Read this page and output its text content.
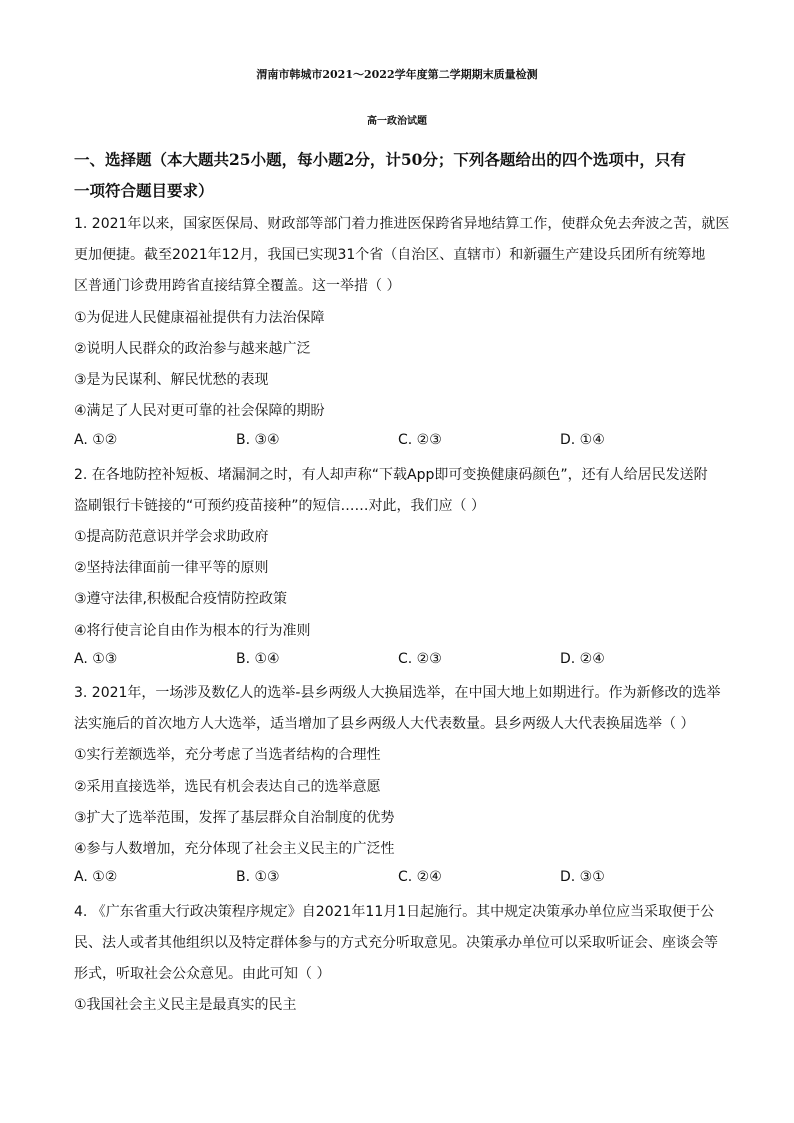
渭南市韩城市2021～2022学年度第二学期期末质量检测
高一政治试题
一、选择题（本大题共25小题，每小题2分，计50分；下列各题给出的四个选项中，只有
一项符合题目要求）
1. 2021年以来，国家医保局、财政部等部门着力推进医保跨省异地结算工作，使群众免去奔波之苦，就医
更加便捷。截至2021年12月，我国已实现31个省（自治区、直辖市）和新疆生产建设兵团所有统筹地
区普通门诊费用跨省直接结算全覆盖。这一举措（ ）
①为促进人民健康福祉提供有力法治保障
②说明人民群众的政治参与越来越广泛
③是为民谋利、解民忧愁的表现
④满足了人民对更可靠的社会保障的期盼
A. ①②	B. ③④	C. ②③	D. ①④
2. 在各地防控补短板、堵漏洞之时，有人却声称“下载App即可变换健康码颜色”，还有人给居民发送附
盗刷银行卡链接的“可预约疫苗接种”的短信……对此，我们应（ ）
①提高防范意识并学会求助政府
②坚持法律面前一律平等的原则
③遵守法律,积极配合疫情防控政策
④将行使言论自由作为根本的行为准则
A. ①③	B. ①④	C. ②③	D. ②④
3. 2021年，一场涉及数亿人的选举-县乡两级人大换届选举，在中国大地上如期进行。作为新修改的选举
法实施后的首次地方人大选举，适当增加了县乡两级人大代表数量。县乡两级人大代表换届选举（ ）
①实行差额选举，充分考虑了当选者结构的合理性
②采用直接选举，选民有机会表达自己的选举意愿
③扩大了选举范围，发挥了基层群众自治制度的优势
④参与人数增加，充分体现了社会主义民主的广泛性
A. ①②	B. ①③	C. ②④	D. ③①
4. 《广东省重大行政决策程序规定》自2021年11月1日起施行。其中规定决策承办单位应当采取便于公
民、法人或者其他组织以及特定群体参与的方式充分听取意见。决策承办单位可以采取听证会、座谈会等
形式，听取社会公众意见。由此可知（ ）
①我国社会主义民主是最真实的民主
